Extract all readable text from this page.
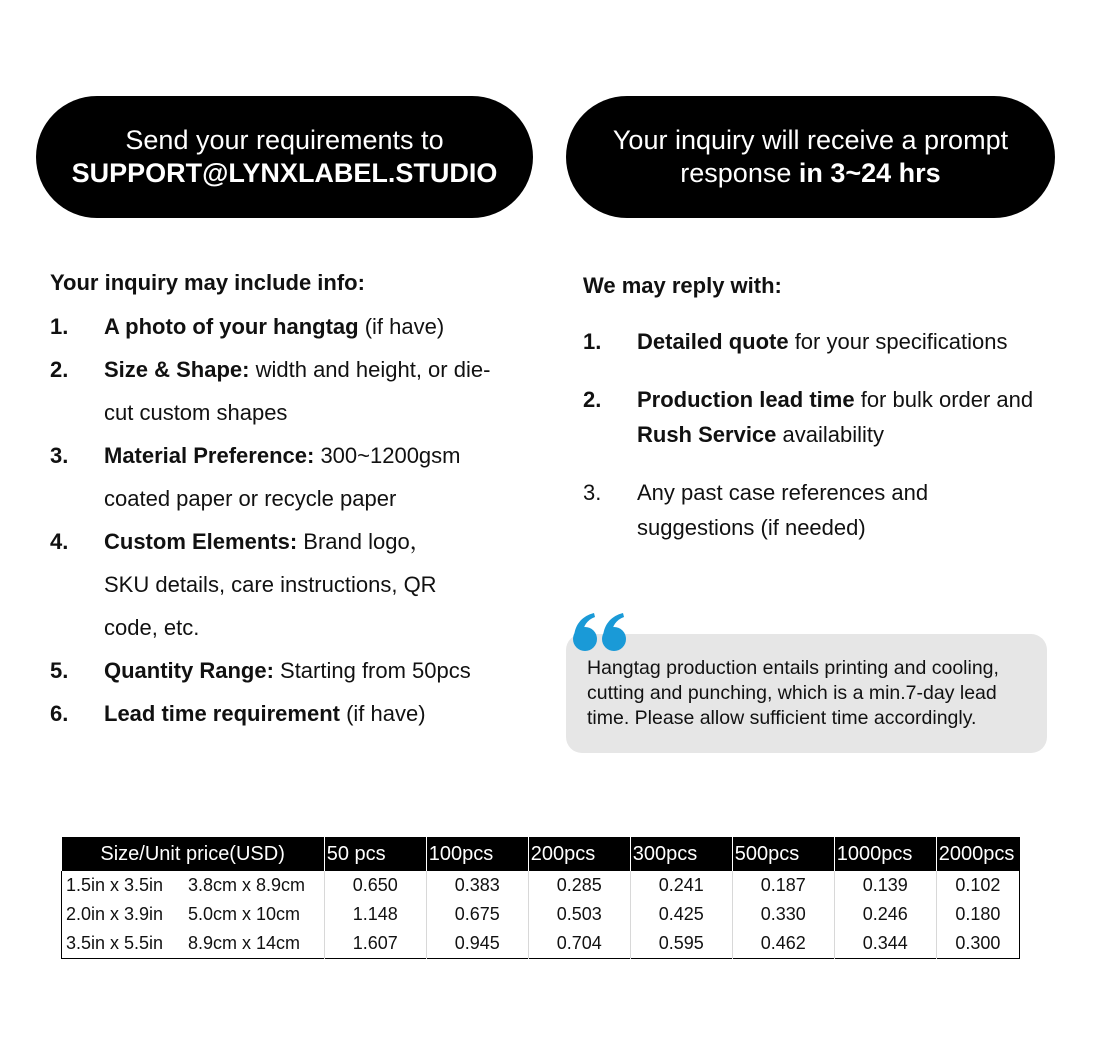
Send your requirements to
SUPPORT@LYNXLABEL.STUDIO
Your inquiry will receive a prompt
response in 3~24 hrs

Your inquiry may include info:

1. A photo of your hangtag (if have)
2. Size & Shape: width and height, or die-cut custom shapes
3. Material Preference: 300~1200gsm coated paper or recycle paper
4. Custom Elements: Brand logo，SKU details, care instructions, QR code, etc.
5. Quantity Range: Starting from 50pcs
6. Lead time requirement (if have)

We may reply with:

1. Detailed quote for your specifications
2. Production lead time for bulk order and Rush Service availability
3. Any past case references and suggestions (if needed)
Hangtag production entails printing and cooling, cutting and punching, which is a min.7-day lead time. Please allow sufficient time accordingly.
Size/Unit price(USD)		50 pcs	100pcs	200pcs	300pcs	500pcs	1000pcs	2000pcs
1.5in x 3.5in	3.8cm x 8.9cm	0.650	0.383	0.285	0.241	0.187	0.139	0.102
2.0in x 3.9in	5.0cm x 10cm	1.148	0.675	0.503	0.425	0.330	0.246	0.180
3.5in x 5.5in	8.9cm x 14cm	1.607	0.945	0.704	0.595	0.462	0.344	0.300
